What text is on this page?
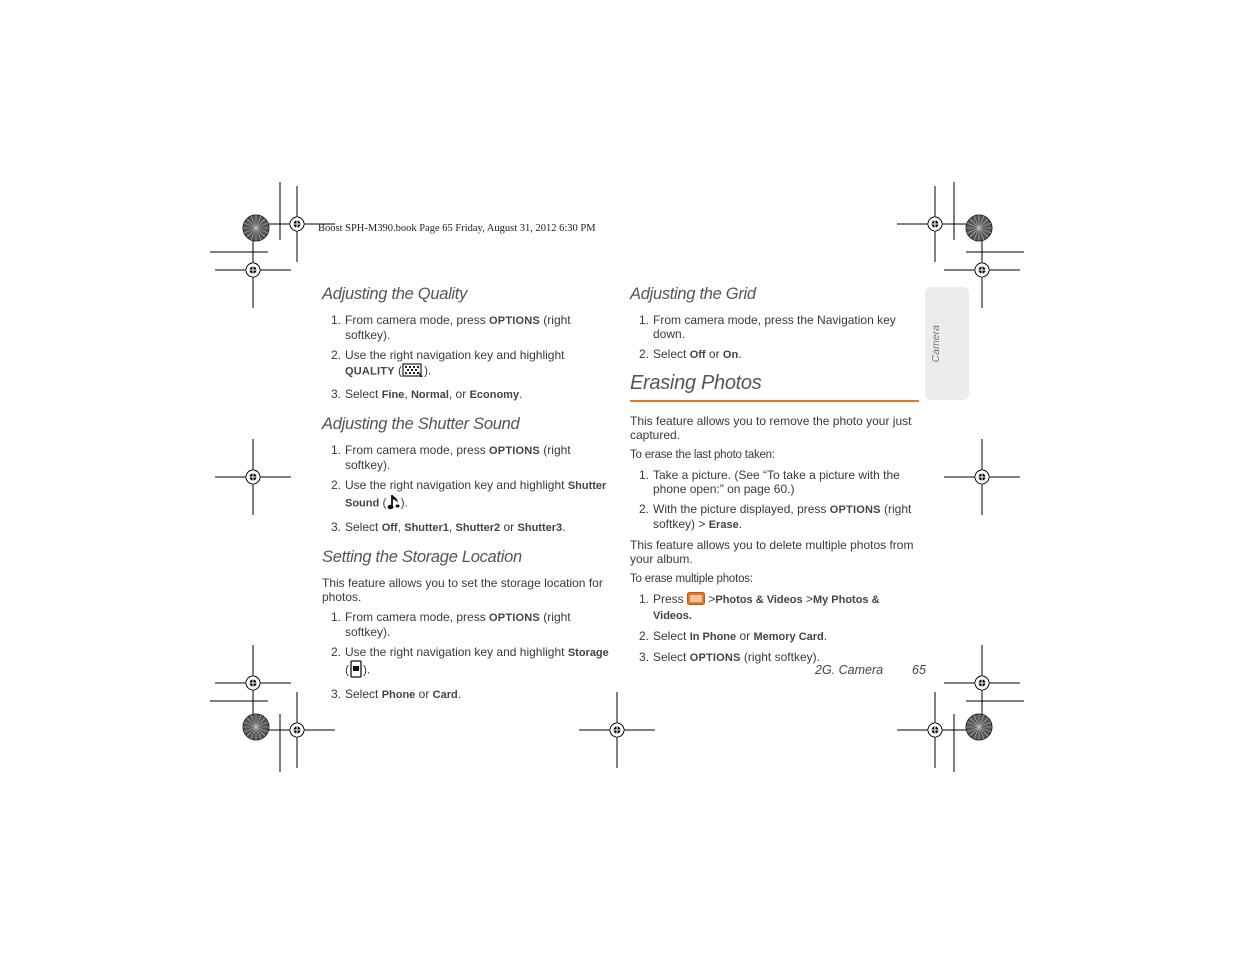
Boost SPH-M390.book Page 65 Friday, August 31, 2012 6:30 PM
Adjusting the Quality
1. From camera mode, press OPTIONS (right softkey).
2. Use the right navigation key and highlight QUALITY ( ).
3. Select Fine, Normal, or Economy.
Adjusting the Shutter Sound
1. From camera mode, press OPTIONS (right softkey).
2. Use the right navigation key and highlight Shutter Sound ( ).
3. Select Off, Shutter1, Shutter2 or Shutter3.
Setting the Storage Location

This feature allows you to set the storage location for photos.

1. From camera mode, press OPTIONS (right softkey).
2. Use the right navigation key and highlight Storage ( ).
3. Select Phone or Card.
Adjusting the Grid
1. From camera mode, press the Navigation key down.
2. Select Off or On.
Erasing Photos

This feature allows you to remove the photo your just captured.

To erase the last photo taken:

1. Take a picture. (See “To take a picture with the phone open:” on page 60.)
2. With the picture displayed, press OPTIONS (right softkey) > Erase.

This feature allows you to delete multiple photos from your album.

To erase multiple photos:

1. Press  >Photos & Videos >My Photos & Videos.
2. Select In Phone or Memory Card.
3. Select OPTIONS (right softkey).
Camera
2G. Camera 65
